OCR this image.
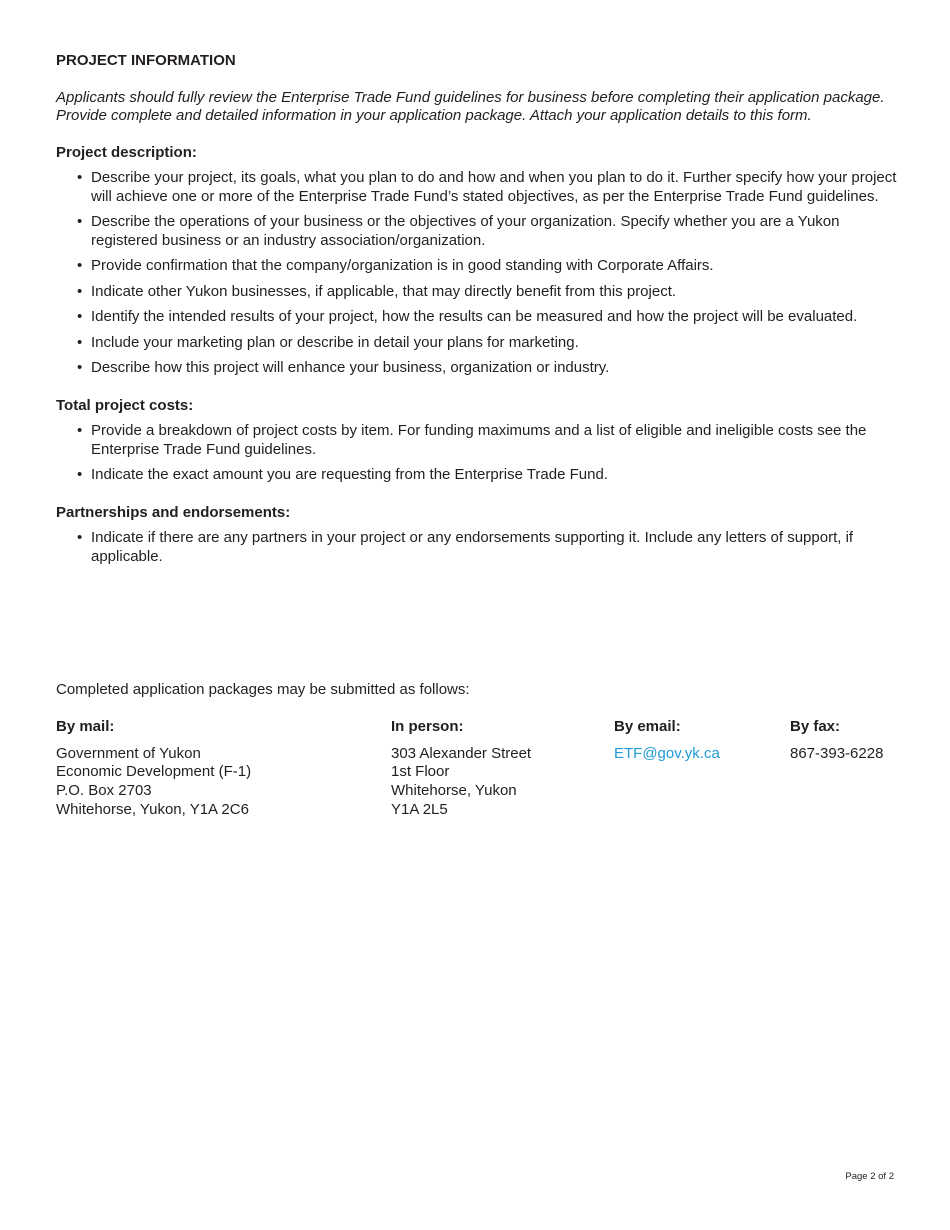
PROJECT INFORMATION

Applicants should fully review the Enterprise Trade Fund guidelines for business before completing their application package.

Provide complete and detailed information in your application package. Attach your application details to this form.

Project description:
• Describe your project, its goals, what you plan to do and how and when you plan to do it. Further specify how your project will achieve one or more of the Enterprise Trade Fund’s stated objectives, as per the Enterprise Trade Fund guidelines.
• Describe the operations of your business or the objectives of your organization. Specify whether you are a Yukon registered business or an industry association/organization.
• Provide confirmation that the company/organization is in good standing with Corporate Affairs.
• Indicate other Yukon businesses, if applicable, that may directly benefit from this project.
• Identify the intended results of your project, how the results can be measured and how the project will be evaluated.
• Include your marketing plan or describe in detail your plans for marketing.
• Describe how this project will enhance your business, organization or industry.
Total project costs:
• Provide a breakdown of project costs by item. For funding maximums and a list of eligible and ineligible costs see the Enterprise Trade Fund guidelines.
• Indicate the exact amount you are requesting from the Enterprise Trade Fund.
Partnerships and endorsements:
• Indicate if there are any partners in your project or any endorsements supporting it. Include any letters of support, if applicable.
Completed application packages may be submitted as follows:
By mail:
Government of Yukon
Economic Development (F-1)
P.O. Box 2703
Whitehorse, Yukon, Y1A 2C6
In person:
303 Alexander Street
1st Floor
Whitehorse, Yukon
Y1A 2L5
By email:
ETF@gov.yk.ca
By fax:
867-393-6228
Page 2 of 2
